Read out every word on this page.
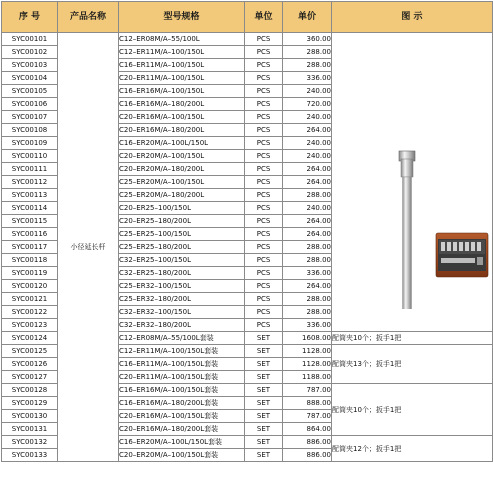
序 号	产品名称	型号规格	单位	单价	图 示
SYC00101	小径延长杆	C12–ER08M/A–55/100L	PCS	360.00	

SYC00102		C12–ER11M/A–100/150L	PCS	288.00	
SYC00103		C16–ER11M/A–100/150L	PCS	288.00	
SYC00104		C20–ER11M/A–100/150L	PCS	336.00	
SYC00105		C16–ER16M/A–100/150L	PCS	240.00	
SYC00106		C16–ER16M/A–180/200L	PCS	720.00	
SYC00107		C20–ER16M/A–100/150L	PCS	240.00	
SYC00108		C20–ER16M/A–180/200L	PCS	264.00	
SYC00109		C16–ER20M/A–100L/150L	PCS	240.00	
SYC00110		C20–ER20M/A–100/150L	PCS	240.00	
SYC00111		C20–ER20M/A–180/200L	PCS	264.00	
SYC00112		C25–ER20M/A–100/150L	PCS	264.00	
SYC00113		C25–ER20M/A–180/200L	PCS	288.00	
SYC00114		C20–ER25–100/150L	PCS	240.00	
SYC00115		C20–ER25–180/200L	PCS	264.00	
SYC00116		C25–ER25–100/150L	PCS	264.00	
SYC00117		C25–ER25–180/200L	PCS	288.00	
SYC00118		C32–ER25–100/150L	PCS	288.00	
SYC00119		C32–ER25–180/200L	PCS	336.00	
SYC00120		C25–ER32–100/150L	PCS	264.00	
SYC00121		C25–ER32–180/200L	PCS	288.00	
SYC00122		C32–ER32–100/150L	PCS	288.00	
SYC00123		C32–ER32–180/200L	PCS	336.00	
SYC00124		C12–ER08M/A–55/100L套装	SET	1608.00	配筒夹10个；扳手1把
SYC00125		C12–ER11M/A–100/150L套装	SET	1128.00	配筒夹13个；扳手1把
SYC00126		C16–ER11M/A–100/150L套装	SET	1128.00	
SYC00127		C20–ER11M/A–100/150L套装	SET	1188.00	
SYC00128		C16–ER16M/A–100/150L套装	SET	787.00	配筒夹10个；扳手1把
SYC00129		C16–ER16M/A–180/200L套装	SET	888.00	
SYC00130		C20–ER16M/A–100/150L套装	SET	787.00	
SYC00131		C20–ER16M/A–180/200L套装	SET	864.00	
SYC00132		C16–ER20M/A–100L/150L套装	SET	886.00	配筒夹12个；扳手1把
SYC00133		C20–ER20M/A–100/150L套装	SET	886.00	
